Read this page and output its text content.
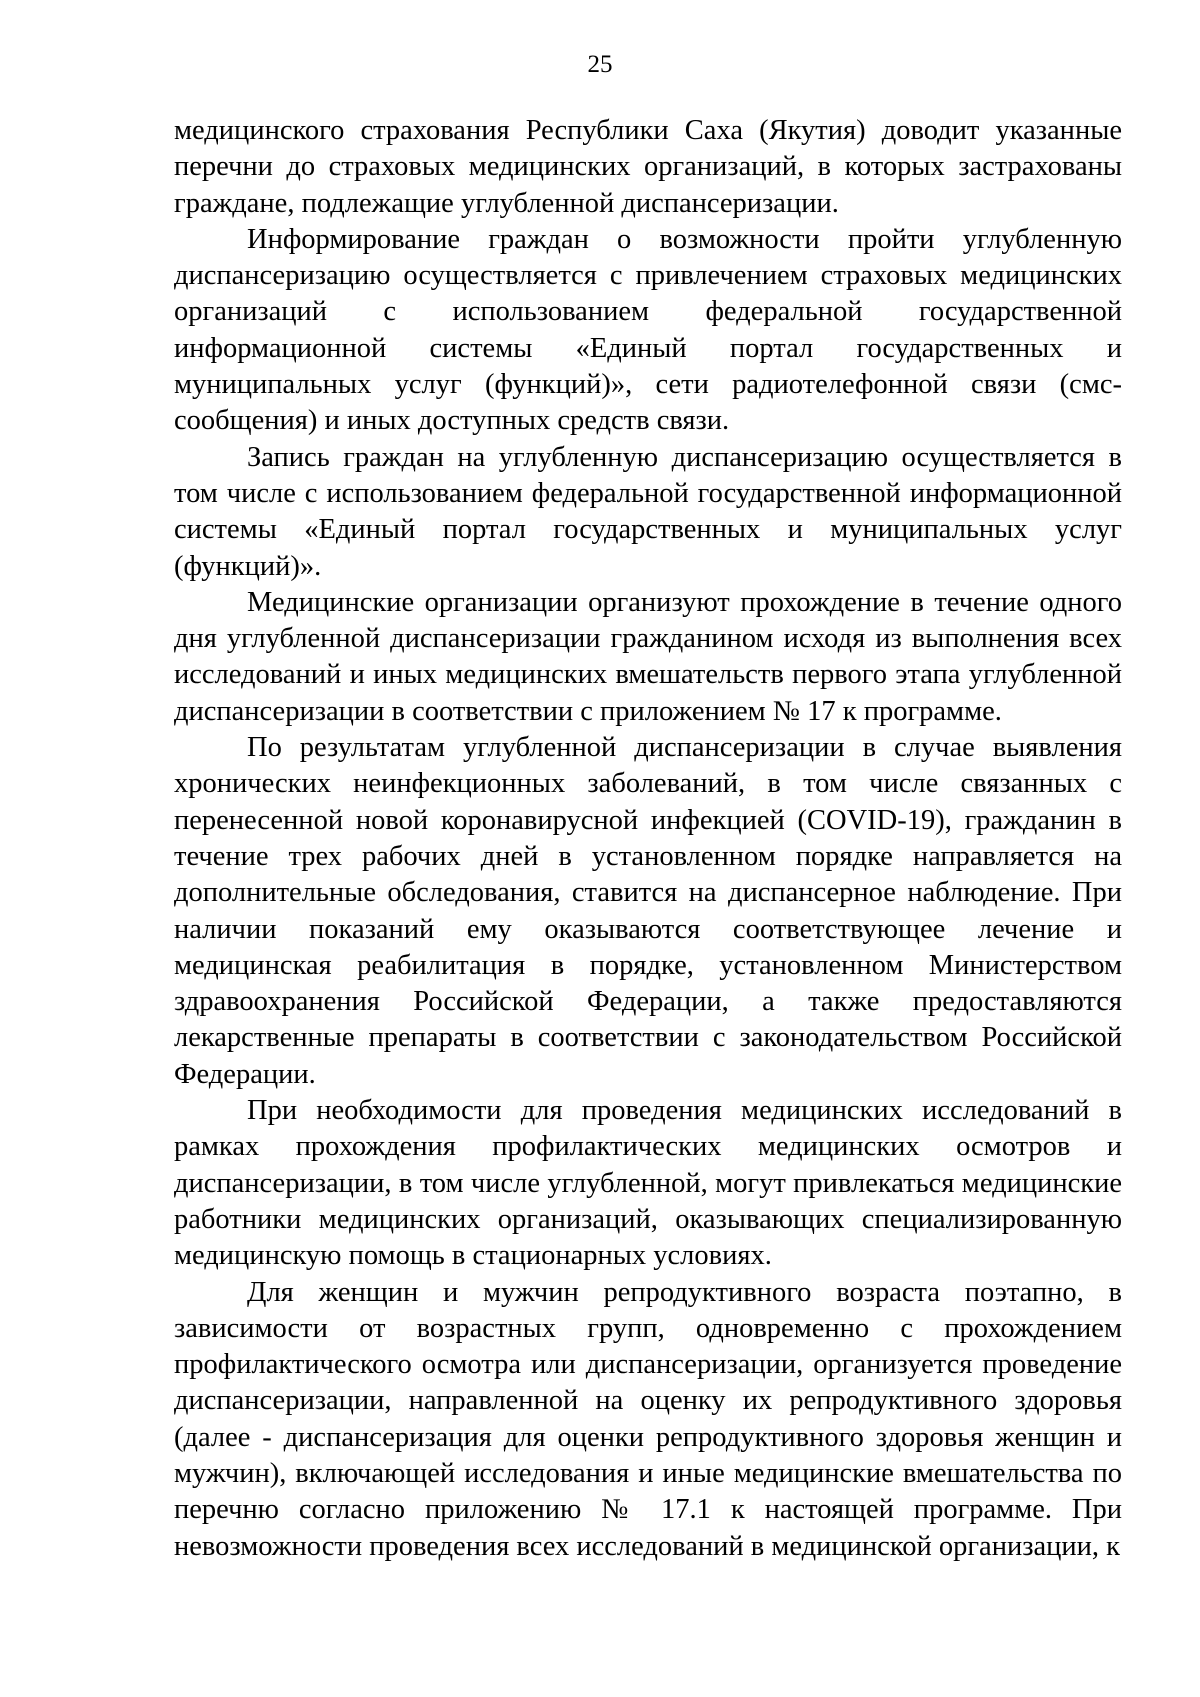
25

медицинского страхования Республики Саха (Якутия) доводит указанные перечни до страховых медицинских организаций, в которых застрахованы граждане, подлежащие углубленной диспансеризации.

Информирование граждан о возможности пройти углубленную диспансеризацию осуществляется с привлечением страховых медицинских организаций с использованием федеральной государственной информационной системы «Единый портал государственных и муниципальных услуг (функций)», сети радиотелефонной связи (смс-сообщения) и иных доступных средств связи.

Запись граждан на углубленную диспансеризацию осуществляется в том числе с использованием федеральной государственной информационной системы «Единый портал государственных и муниципальных услуг (функций)».

Медицинские организации организуют прохождение в течение одного дня углубленной диспансеризации гражданином исходя из выполнения всех исследований и иных медицинских вмешательств первого этапа углубленной диспансеризации в соответствии с приложением № 17 к программе.

По результатам углубленной диспансеризации в случае выявления хронических неинфекционных заболеваний, в том числе связанных с перенесенной новой коронавирусной инфекцией (COVID-19), гражданин в течение трех рабочих дней в установленном порядке направляется на дополнительные обследования, ставится на диспансерное наблюдение. При наличии показаний ему оказываются соответствующее лечение и медицинская реабилитация в порядке, установленном Министерством здравоохранения Российской Федерации, а также предоставляются лекарственные препараты в соответствии с законодательством Российской Федерации.

При необходимости для проведения медицинских исследований в рамках прохождения профилактических медицинских осмотров и диспансеризации, в том числе углубленной, могут привлекаться медицинские работники медицинских организаций, оказывающих специализированную медицинскую помощь в стационарных условиях.

Для женщин и мужчин репродуктивного возраста поэтапно, в зависимости от возрастных групп, одновременно с прохождением профилактического осмотра или диспансеризации, организуется проведение диспансеризации, направленной на оценку их репродуктивного здоровья (далее - диспансеризация для оценки репродуктивного здоровья женщин и мужчин), включающей исследования и иные медицинские вмешательства по перечню согласно приложению № 17.1 к настоящей программе. При невозможности проведения всех исследований в медицинской организации, к
